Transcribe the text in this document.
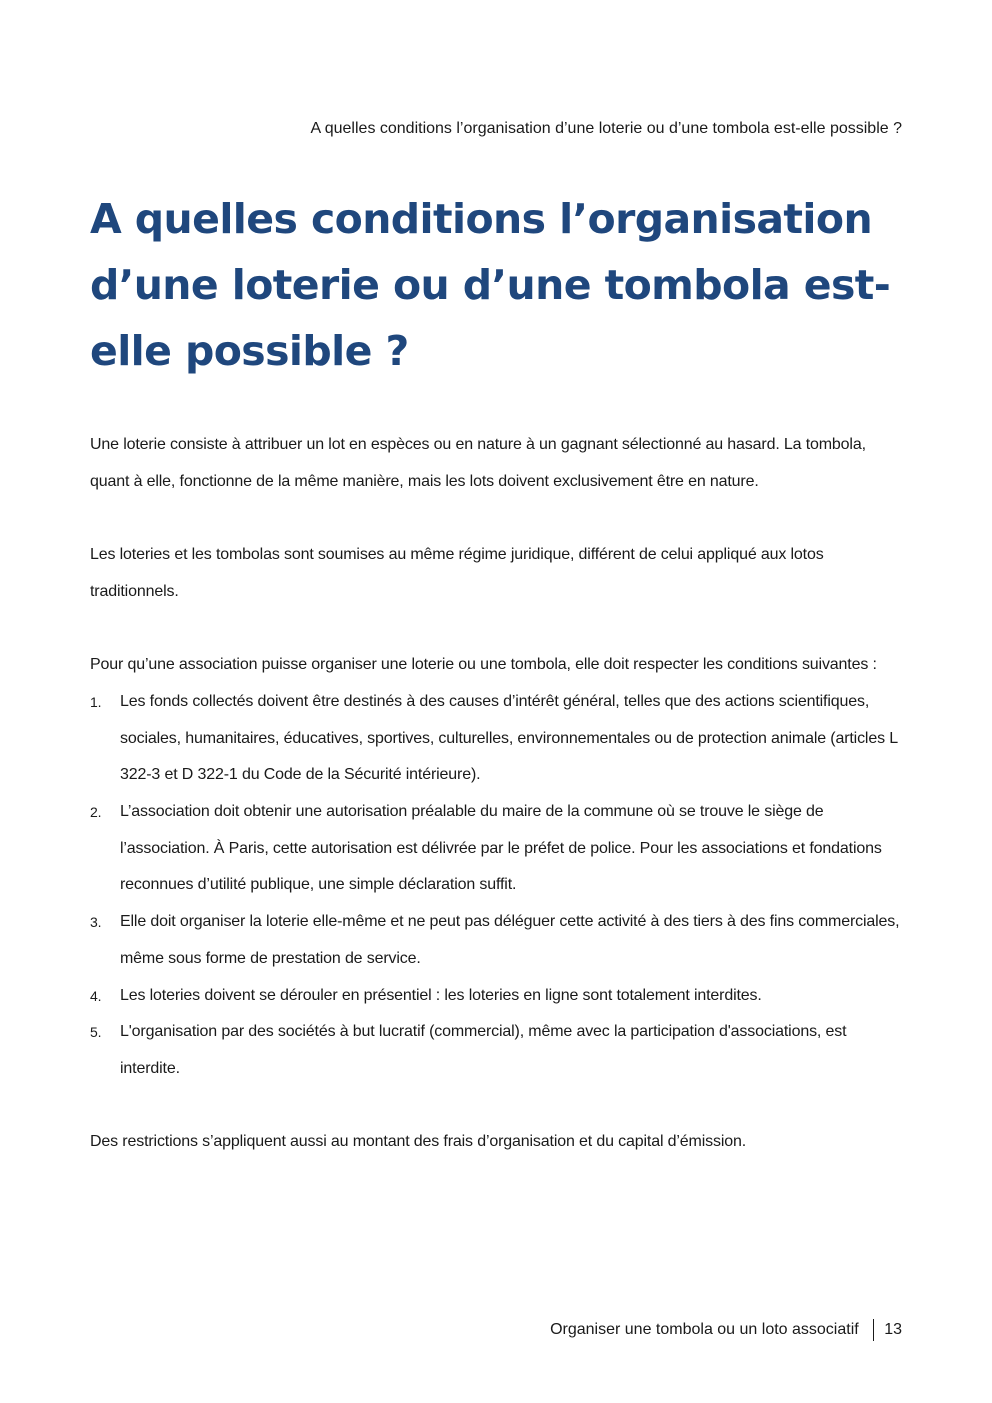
A quelles conditions l’organisation d’une loterie ou d’une tombola est-elle possible ?
A quelles conditions l’organisation d’une loterie ou d’une tombola est-elle possible ?

Une loterie consiste à attribuer un lot en espèces ou en nature à un gagnant sélectionné au hasard. La tombola, quant à elle, fonctionne de la même manière, mais les lots doivent exclusivement être en nature.

Les loteries et les tombolas sont soumises au même régime juridique, différent de celui appliqué aux lotos traditionnels.

Pour qu’une association puisse organiser une loterie ou une tombola, elle doit respecter les conditions suivantes :

1. Les fonds collectés doivent être destinés à des causes d’intérêt général, telles que des actions scientifiques, sociales, humanitaires, éducatives, sportives, culturelles, environnementales ou de protection animale (articles L 322-3 et D 322-1 du Code de la Sécurité intérieure).
2. L’association doit obtenir une autorisation préalable du maire de la commune où se trouve le siège de l’association. À Paris, cette autorisation est délivrée par le préfet de police. Pour les associations et fondations reconnues d’utilité publique, une simple déclaration suffit.
3. Elle doit organiser la loterie elle-même et ne peut pas déléguer cette activité à des tiers à des fins commerciales, même sous forme de prestation de service.
4. Les loteries doivent se dérouler en présentiel : les loteries en ligne sont totalement interdites.
5. L'organisation par des sociétés à but lucratif (commercial), même avec la participation d'associations, est interdite.

Des restrictions s’appliquent aussi au montant des frais d’organisation et du capital d’émission.

Organiser une tombola ou un loto associatif 13
